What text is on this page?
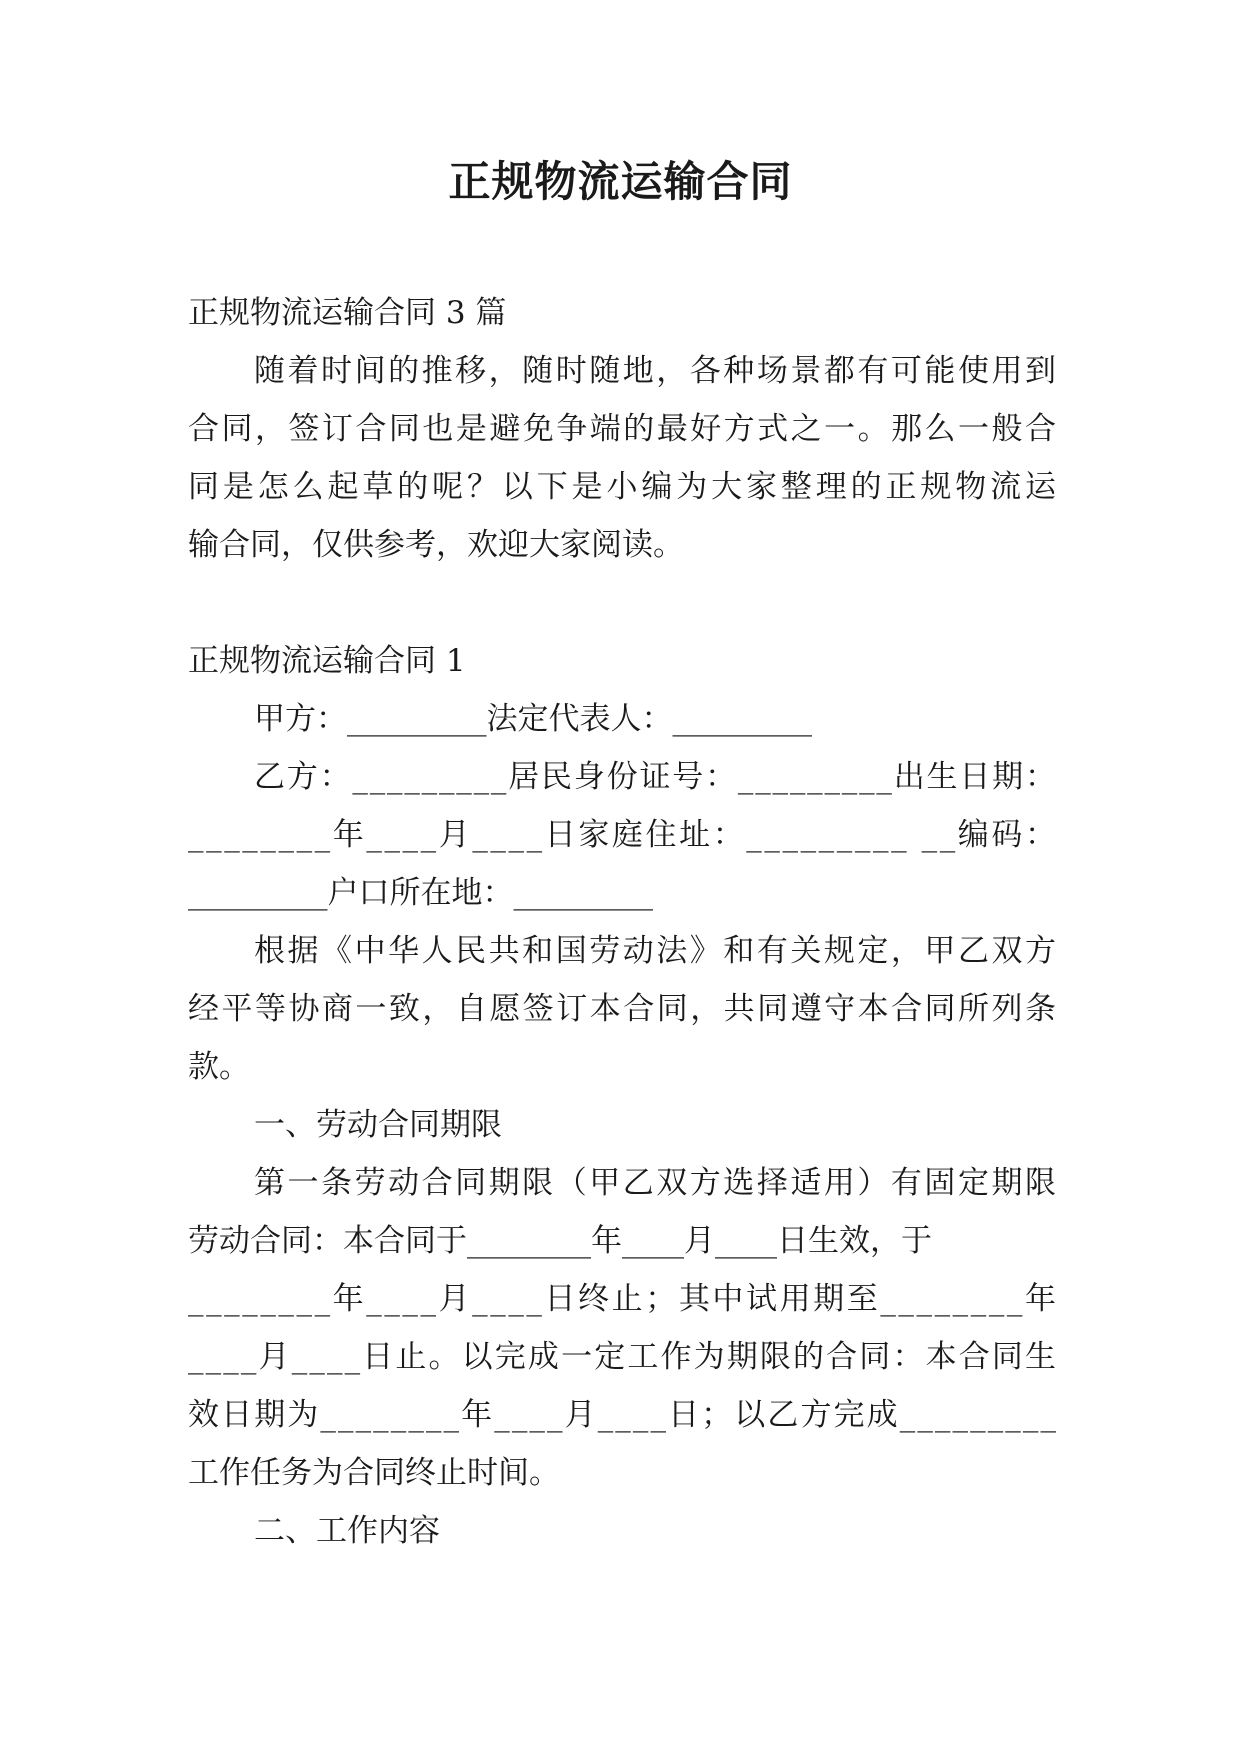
正规物流运输合同
正规物流运输合同 3 篇
随着时间的推移，随时随地，各种场景都有可能使用到
合同，签订合同也是避免争端的最好方式之一。那么一般合
同是怎么起草的呢？以下是小编为大家整理的正规物流运
输合同，仅供参考，欢迎大家阅读。
正规物流运输合同 1
甲方：_________法定代表人：_________
乙方：_________居民身份证号：_________出生日期：
________年____月____日家庭住址：_________ __编码：
_________户口所在地：_________
根据《中华人民共和国劳动法》和有关规定，甲乙双方
经平等协商一致，自愿签订本合同，共同遵守本合同所列条
款。
一、劳动合同期限
第一条劳动合同期限（甲乙双方选择适用）有固定期限
劳动合同：本合同于________年____月____日生效，于
________年____月____日终止；其中试用期至________年
____月____日止。以完成一定工作为期限的合同：本合同生
效日期为________年____月____日；以乙方完成_________
工作任务为合同终止时间。
二、工作内容
